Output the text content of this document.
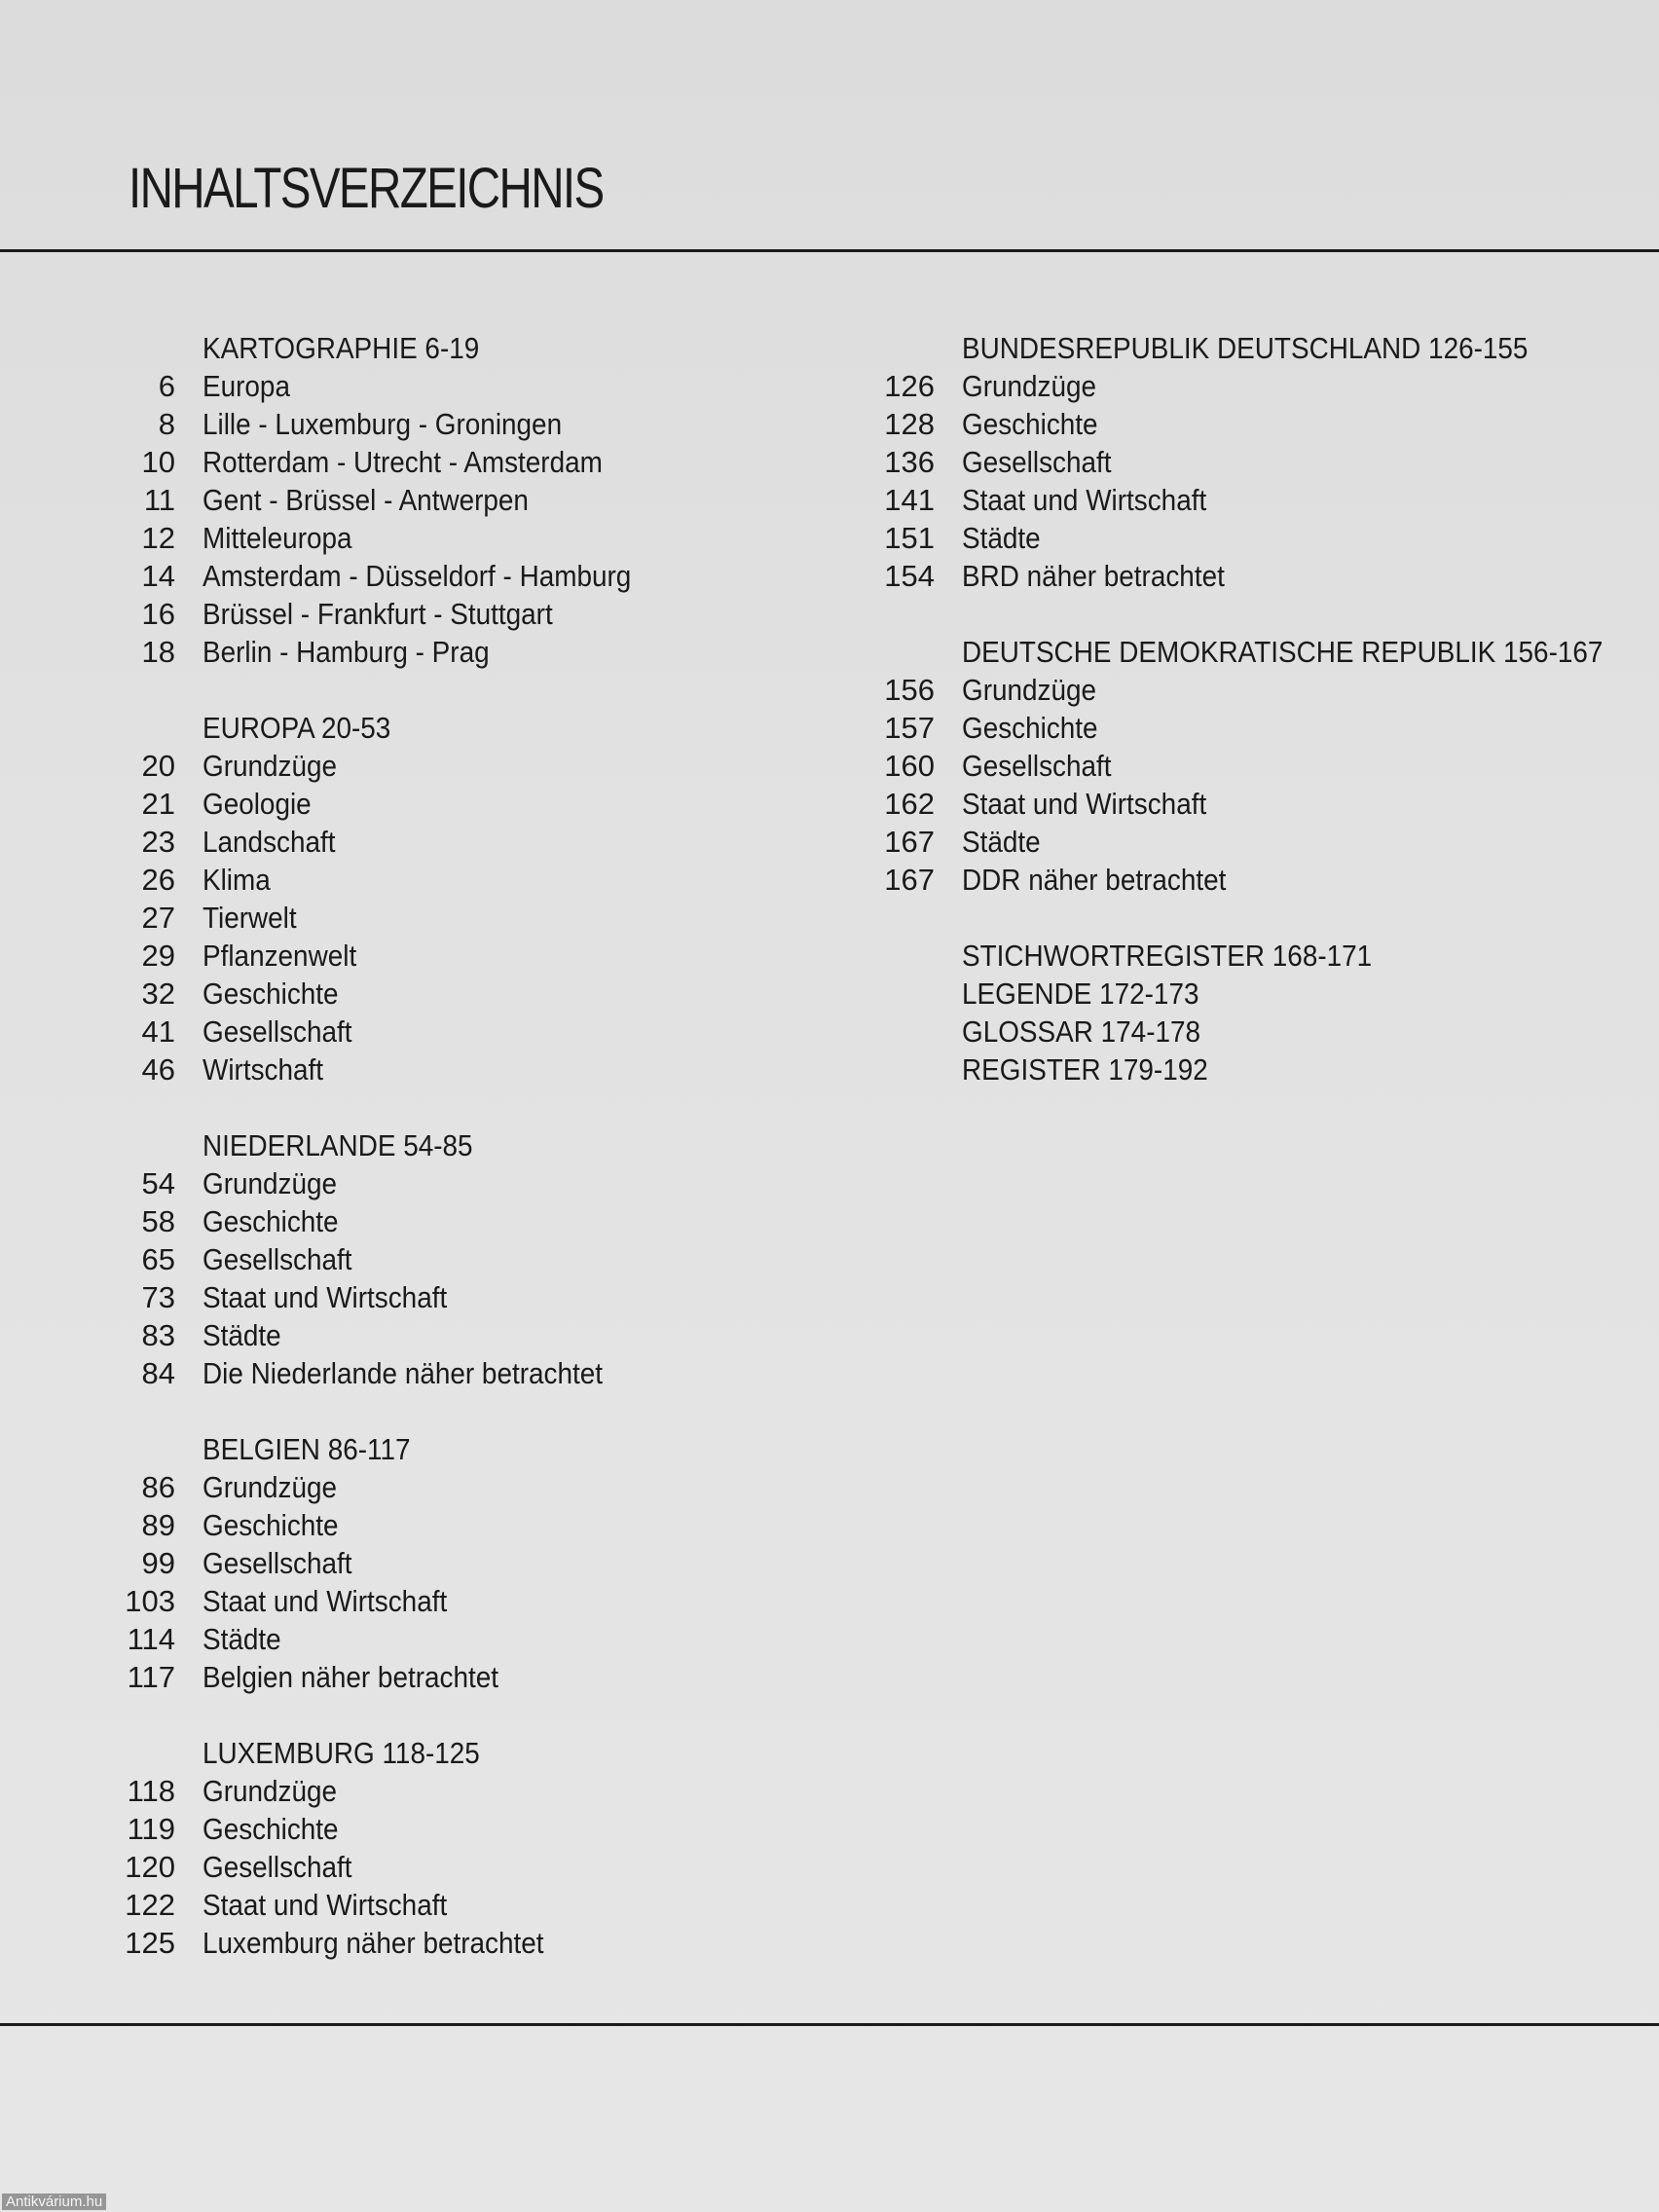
INHALTSVERZEICHNIS
KARTOGRAPHIE 6-19
6 Europa
8 Lille - Luxemburg - Groningen
10 Rotterdam - Utrecht - Amsterdam
11 Gent - Brüssel - Antwerpen
12 Mitteleuropa
14 Amsterdam - Düsseldorf - Hamburg
16 Brüssel - Frankfurt - Stuttgart
18 Berlin - Hamburg - Prag
EUROPA 20-53
20 Grundzüge
21 Geologie
23 Landschaft
26 Klima
27 Tierwelt
29 Pflanzenwelt
32 Geschichte
41 Gesellschaft
46 Wirtschaft
NIEDERLANDE 54-85
54 Grundzüge
58 Geschichte
65 Gesellschaft
73 Staat und Wirtschaft
83 Städte
84 Die Niederlande näher betrachtet
BELGIEN 86-117
86 Grundzüge
89 Geschichte
99 Gesellschaft
103 Staat und Wirtschaft
114 Städte
117 Belgien näher betrachtet
LUXEMBURG 118-125
118 Grundzüge
119 Geschichte
120 Gesellschaft
122 Staat und Wirtschaft
125 Luxemburg näher betrachtet
BUNDESREPUBLIK DEUTSCHLAND 126-155
126 Grundzüge
128 Geschichte
136 Gesellschaft
141 Staat und Wirtschaft
151 Städte
154 BRD näher betrachtet
DEUTSCHE DEMOKRATISCHE REPUBLIK 156-167
156 Grundzüge
157 Geschichte
160 Gesellschaft
162 Staat und Wirtschaft
167 Städte
167 DDR näher betrachtet
STICHWORTREGISTER 168-171
LEGENDE 172-173
GLOSSAR 174-178
REGISTER 179-192
Antikvárium.hu
